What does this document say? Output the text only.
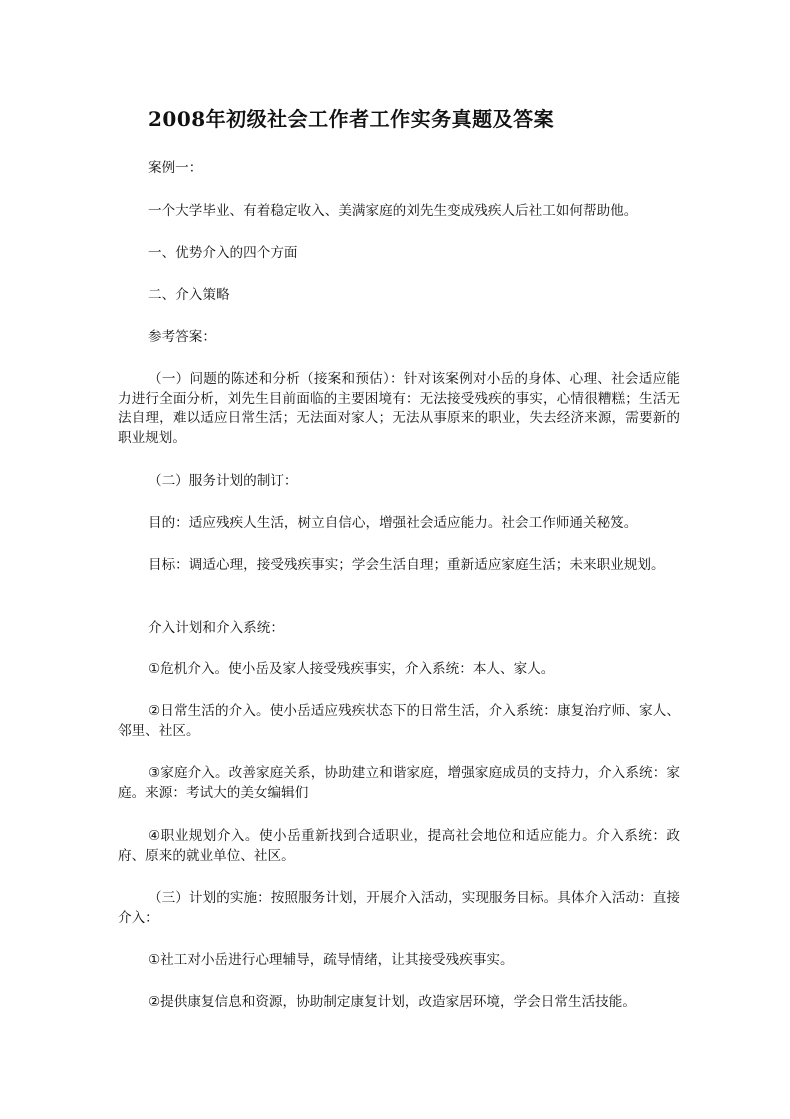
2008年初级社会工作者工作实务真题及答案
案例一：
一个大学毕业、有着稳定收入、美满家庭的刘先生变成残疾人后社工如何帮助他。
一、优势介入的四个方面
二、介入策略
参考答案：
（一）问题的陈述和分析（接案和预估）：针对该案例对小岳的身体、心理、社会适应能力进行全面分析，刘先生目前面临的主要困境有：无法接受残疾的事实，心情很糟糕；生活无法自理，难以适应日常生活；无法面对家人；无法从事原来的职业，失去经济来源，需要新的职业规划。
（二）服务计划的制订：
目的：适应残疾人生活，树立自信心，增强社会适应能力。社会工作师通关秘笈。
目标：调适心理，接受残疾事实；学会生活自理；重新适应家庭生活；未来职业规划。
介入计划和介入系统：
①危机介入。使小岳及家人接受残疾事实，介入系统：本人、家人。
②日常生活的介入。使小岳适应残疾状态下的日常生活，介入系统：康复治疗师、家人、邻里、社区。
③家庭介入。改善家庭关系，协助建立和谐家庭，增强家庭成员的支持力，介入系统：家庭。来源：考试大的美女编辑们
④职业规划介入。使小岳重新找到合适职业，提高社会地位和适应能力。介入系统：政府、原来的就业单位、社区。
（三）计划的实施：按照服务计划，开展介入活动，实现服务目标。具体介入活动：直接介入：
①社工对小岳进行心理辅导，疏导情绪，让其接受残疾事实。
②提供康复信息和资源，协助制定康复计划，改造家居环境，学会日常生活技能。
